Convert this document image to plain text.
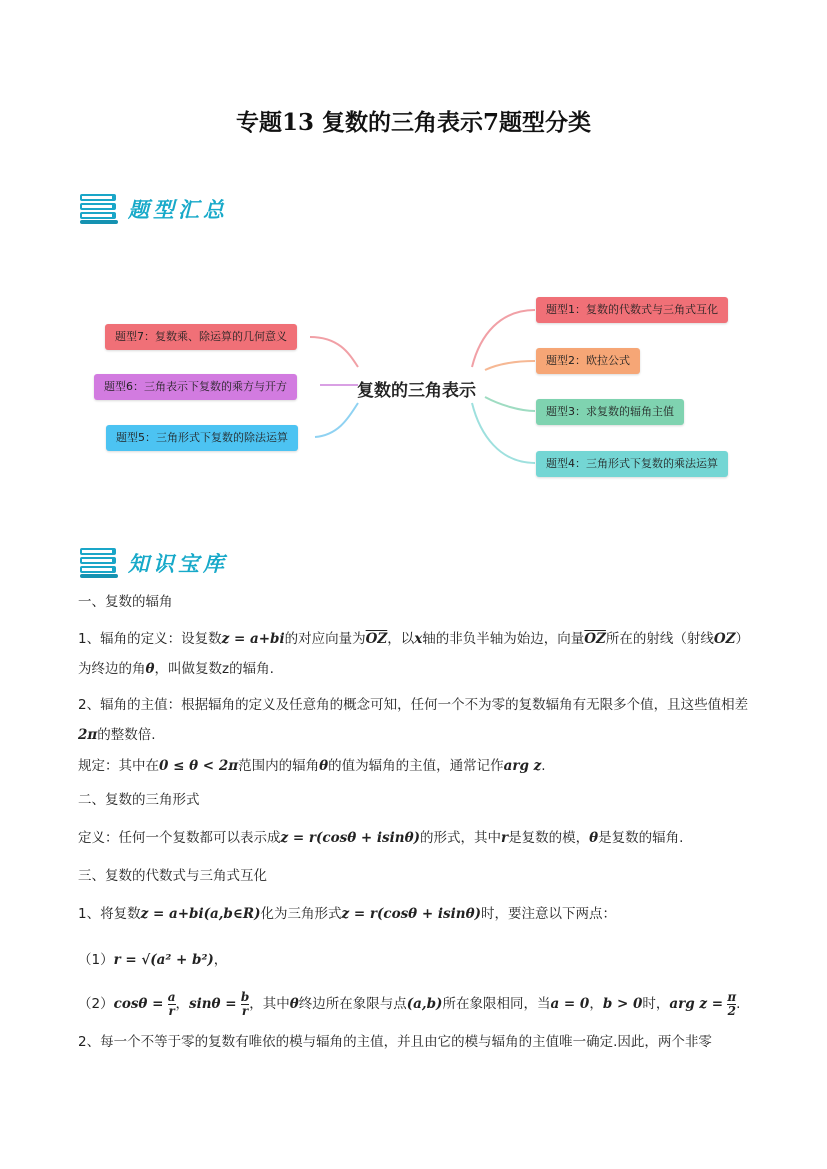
专题13 复数的三角表示7题型分类
题型汇总
题型7：复数乘、除运算的几何意义
题型6：三角表示下复数的乘方与开方
题型5：三角形式下复数的除法运算
复数的三角表示
题型1：复数的代数式与三角式互化
题型2：欧拉公式
题型3：求复数的辐角主值
题型4：三角形式下复数的乘法运算
知识宝库
一、复数的辐角
1、辐角的定义：设复数z = a+bi的对应向量为$\overline{OZ}$，以x轴的非负半轴为始边，向量$\overline{OZ}$所在的射线（射线OZ）为终边的角θ，叫做复数z的辐角.
2、辐角的主值：根据辐角的定义及任意角的概念可知，任何一个不为零的复数辐角有无限多个值，且这些值相差2π的整数倍.
规定：其中在0 ≤ θ < 2π范围内的辐角θ的值为辐角的主值，通常记作arg z.
二、复数的三角形式
定义：任何一个复数都可以表示成z = r(cosθ + isinθ)的形式，其中r是复数的模，θ是复数的辐角.
三、复数的代数式与三角式互化
1、将复数z = a+bi(a,b∈R)化为三角形式z = r(cosθ + isinθ)时，要注意以下两点：
（1）r = √(a² + b²)，
$(2)\cos\theta = \frac{a}{r}$ ，$\sin\theta = \frac{b}{r}$ ，其中θ终边所在象限与点(a,b)所在象限相同，当a = 0，b > 0时，arg $z = \frac{\pi}{2}$ .
2、每一个不等于零的复数有唯依的模与辐角的主值，并且由它的模与辐角的主值唯一确定.因此，两个非零
